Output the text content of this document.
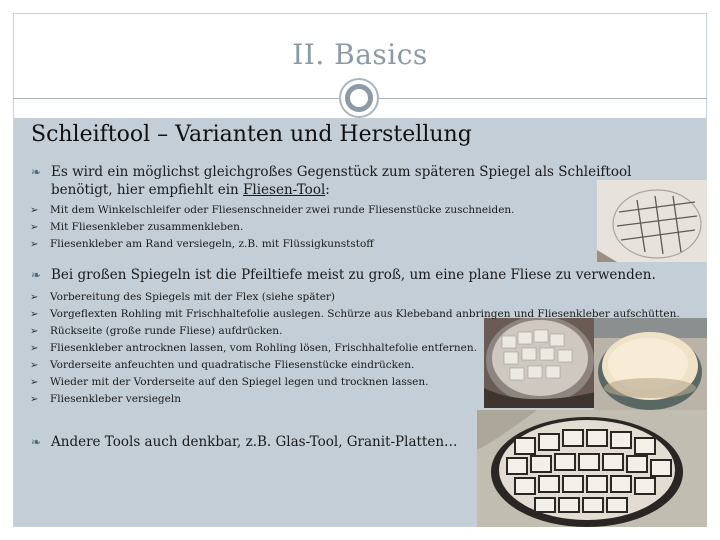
II. Basics
Schleiftool – Varianten und Herstellung
❧ Es wird ein möglichst gleichgroßes Gegenstück zum späteren Spiegel als Schleiftool
benötigt, hier empfiehlt ein Fliesen-Tool:
➢ Mit dem Winkelschleifer oder Fliesenschneider zwei runde Fliesenstücke zuschneiden.
➢ Mit Fliesenkleber zusammenkleben.
➢ Fliesenkleber am Rand versiegeln, z.B. mit Flüssigkunststoff
❧ Bei großen Spiegeln ist die Pfeiltiefe meist zu groß, um eine plane Fliese zu verwenden.
➢ Vorbereitung des Spiegels mit der Flex (siehe später)
➢ Vorgeflexten Rohling mit Frischhaltefolie auslegen. Schürze aus Klebeband anbringen und Fliesenkleber aufschütten.
➢ Rückseite (große runde Fliese) aufdrücken.
➢ Fliesenkleber antrocknen lassen, vom Rohling lösen, Frischhaltefolie entfernen.
➢ Vorderseite anfeuchten und quadratische Fliesenstücke eindrücken.
➢ Wieder mit der Vorderseite auf den Spiegel legen und trocknen lassen.
➢ Fliesenkleber versiegeln
❧ Andere Tools auch denkbar, z.B. Glas-Tool, Granit-Platten…
